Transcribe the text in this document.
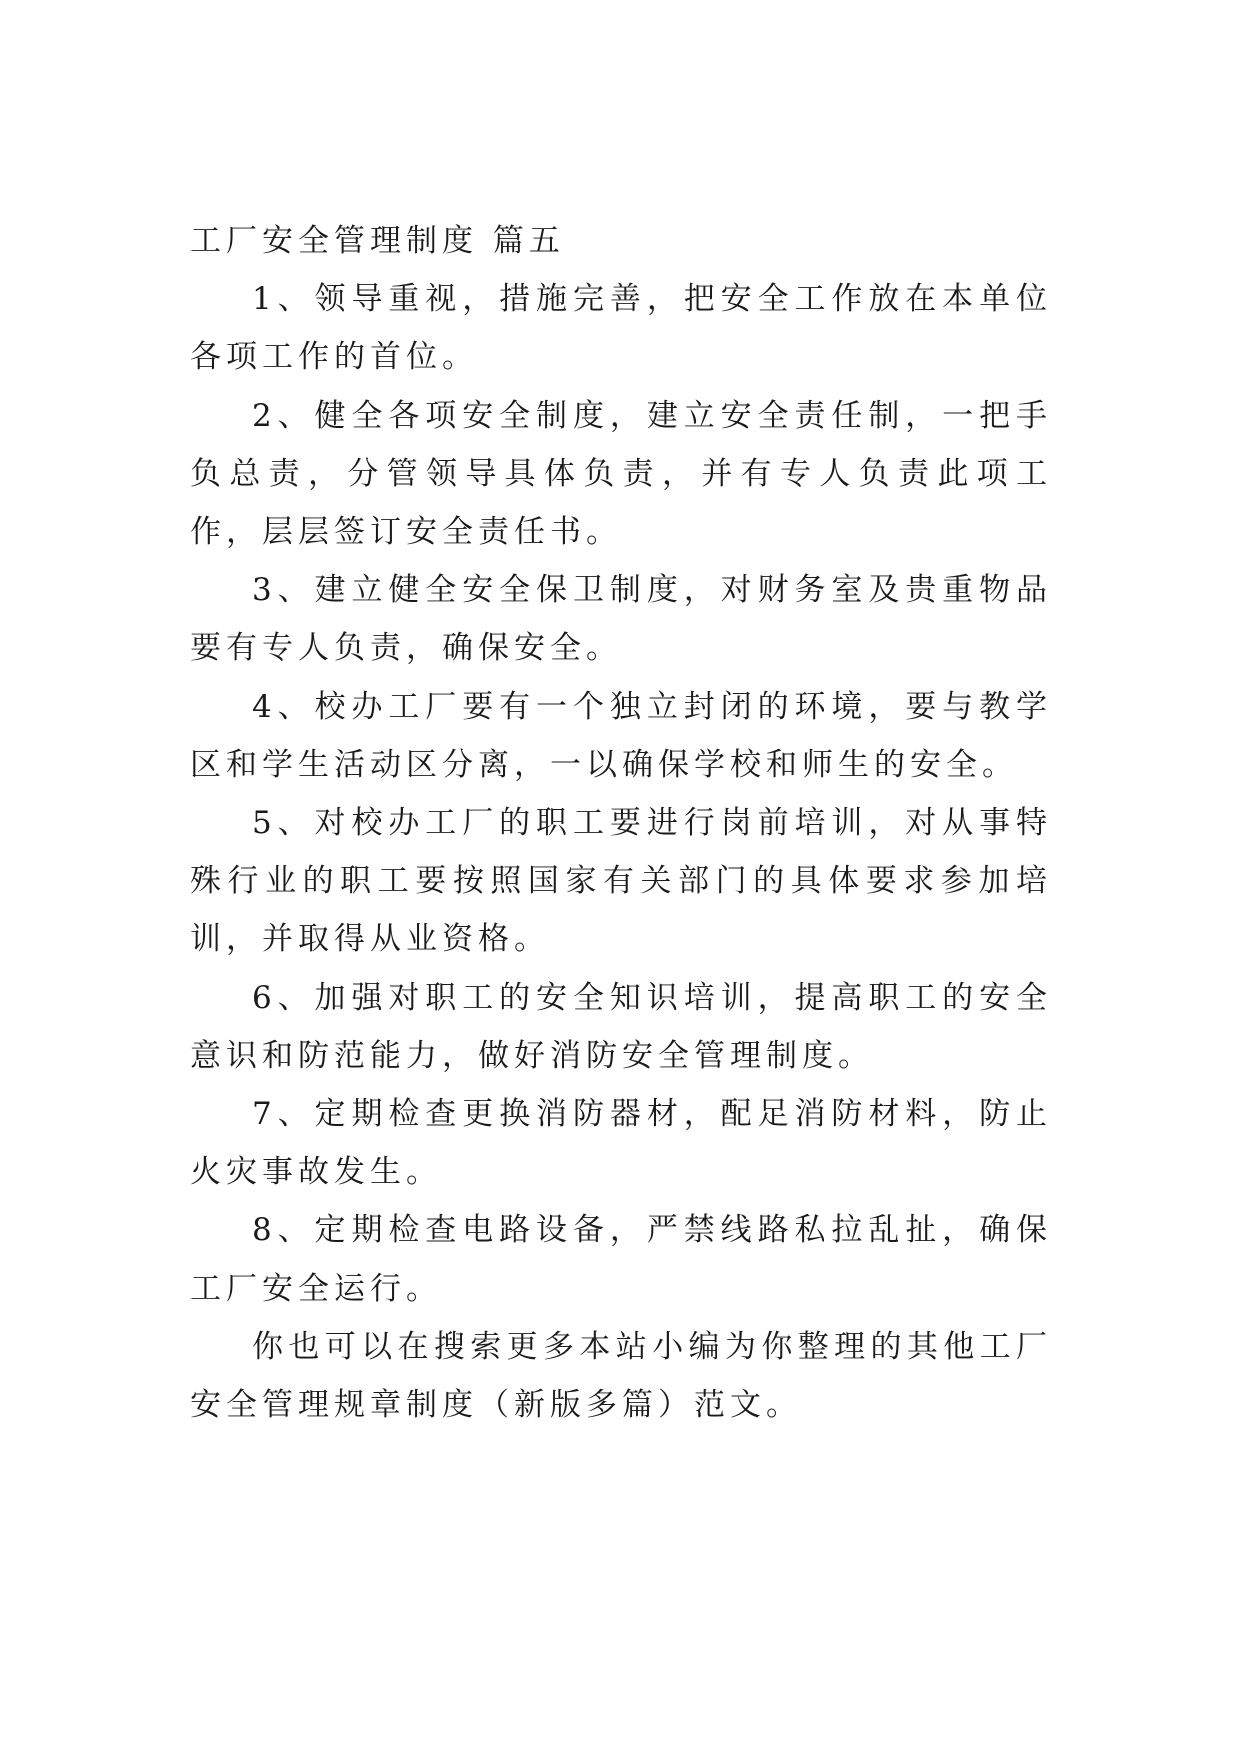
工厂安全管理制度 篇五

1、领导重视，措施完善，把安全工作放在本单位各项工作的首位。

2、健全各项安全制度，建立安全责任制，一把手负总责，分管领导具体负责，并有专人负责此项工作，层层签订安全责任书。

3、建立健全安全保卫制度，对财务室及贵重物品要有专人负责，确保安全。

4、校办工厂要有一个独立封闭的环境，要与教学区和学生活动区分离，一以确保学校和师生的安全。

5、对校办工厂的职工要进行岗前培训，对从事特殊行业的职工要按照国家有关部门的具体要求参加培训，并取得从业资格。

6、加强对职工的安全知识培训，提高职工的安全意识和防范能力，做好消防安全管理制度。

7、定期检查更换消防器材，配足消防材料，防止火灾事故发生。

8、定期检查电路设备，严禁线路私拉乱扯，确保工厂安全运行。

你也可以在搜索更多本站小编为你整理的其他工厂安全管理规章制度（新版多篇）范文。
